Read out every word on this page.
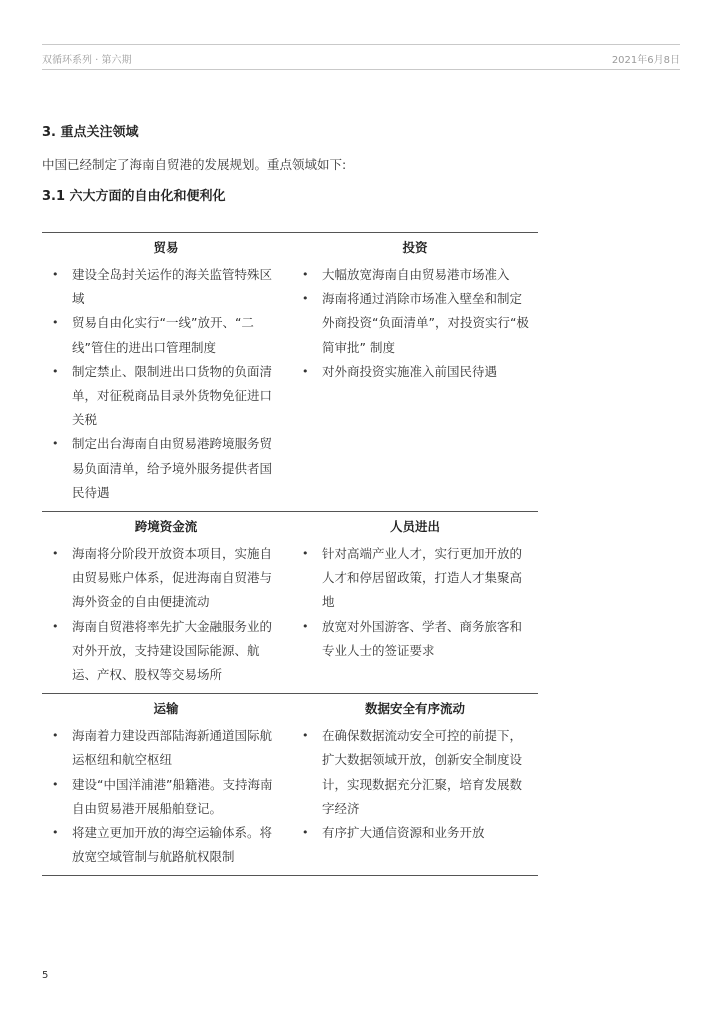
双循环系列 · 第六期	2021年6月8日
3. 重点关注领域
中国已经制定了海南自贸港的发展规划。重点领域如下:
3.1 六大方面的自由化和便利化
贸易
• 建设全岛封关运作的海关监管特殊区域
• 贸易自由化实行“一线”放开、“二线”管住的进出口管理制度
• 制定禁止、限制进出口货物的负面清单，对征税商品目录外货物免征进口关税
• 制定出台海南自由贸易港跨境服务贸易负面清单，给予境外服务提供者国民待遇
投资
• 大幅放宽海南自由贸易港市场准入
• 海南将通过消除市场准入壁垒和制定外商投资“负面清单”，对投资实行“极简审批” 制度
• 对外商投资实施准入前国民待遇
跨境资金流
• 海南将分阶段开放资本项目，实施自由贸易账户体系，促进海南自贸港与海外资金的自由便捷流动
• 海南自贸港将率先扩大金融服务业的对外开放，支持建设国际能源、航运、产权、股权等交易场所
人员进出
• 针对高端产业人才，实行更加开放的人才和停居留政策，打造人才集聚高地
• 放宽对外国游客、学者、商务旅客和专业人士的签证要求
运输
• 海南着力建设西部陆海新通道国际航运枢纽和航空枢纽
• 建设“中国洋浦港”船籍港。支持海南自由贸易港开展船舶登记。
• 将建立更加开放的海空运输体系。将放宽空域管制与航路航权限制
数据安全有序流动
• 在确保数据流动安全可控的前提下，扩大数据领域开放，创新安全制度设计，实现数据充分汇聚，培育发展数字经济
• 有序扩大通信资源和业务开放
5
